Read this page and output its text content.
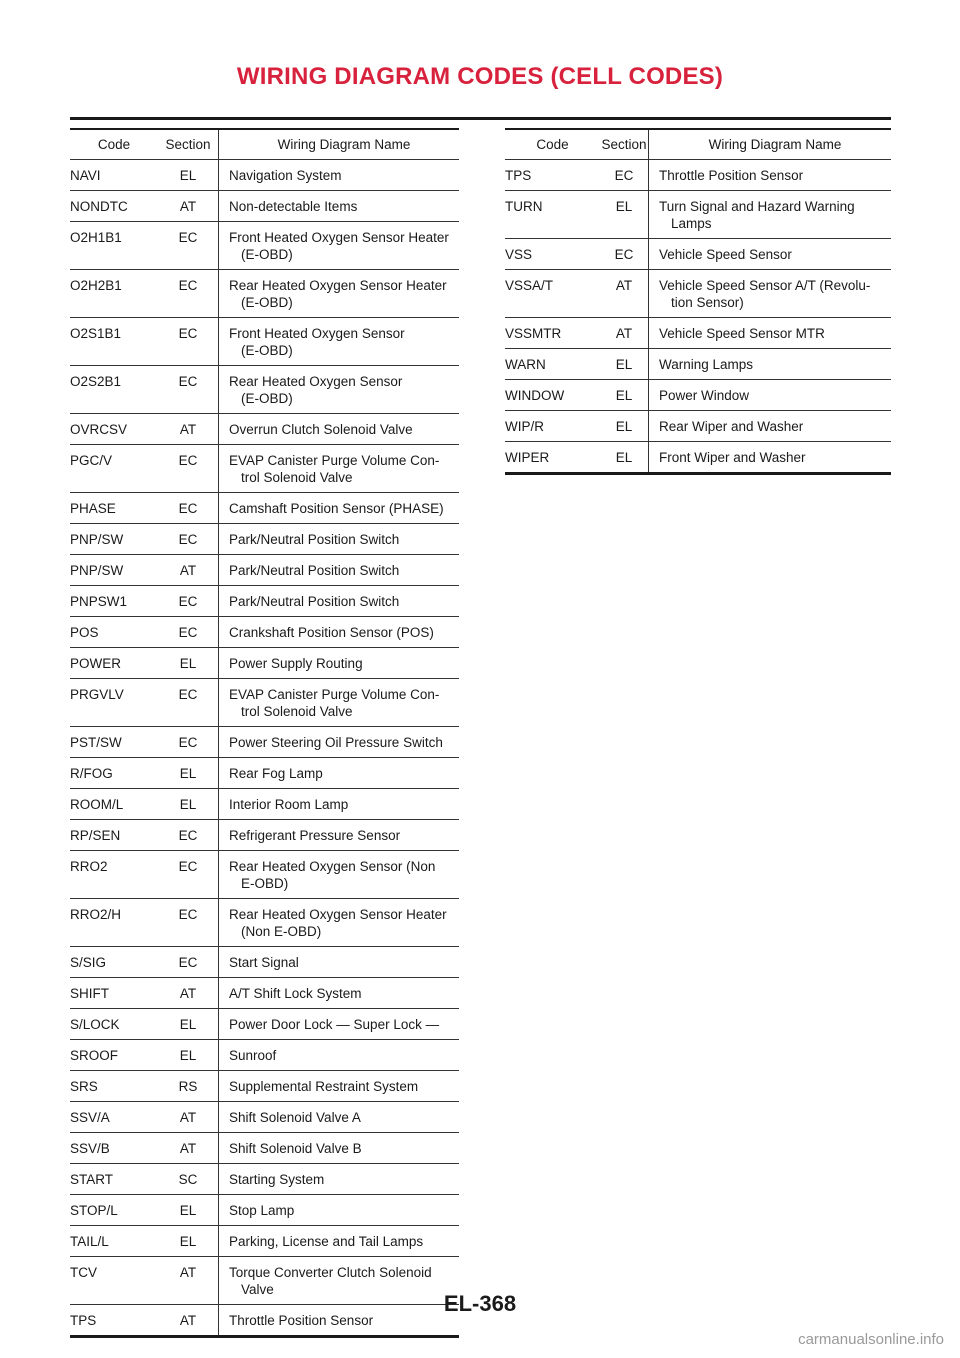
WIRING DIAGRAM CODES (CELL CODES)
Code	Section	Wiring Diagram Name
NAVI	EL	Navigation System

NONDTC	AT	Non-detectable Items

O2H1B1	EC	Front Heated Oxygen Sensor Heater
(E-OBD)

O2H2B1	EC	Rear Heated Oxygen Sensor Heater
(E-OBD)

O2S1B1	EC	Front Heated Oxygen Sensor
(E-OBD)

O2S2B1	EC	Rear Heated Oxygen Sensor
(E-OBD)

OVRCSV	AT	Overrun Clutch Solenoid Valve

PGC/V	EC	EVAP Canister Purge Volume Con-
trol Solenoid Valve

PHASE	EC	Camshaft Position Sensor (PHASE)

PNP/SW	EC	Park/Neutral Position Switch

PNP/SW	AT	Park/Neutral Position Switch

PNPSW1	EC	Park/Neutral Position Switch

POS	EC	Crankshaft Position Sensor (POS)

POWER	EL	Power Supply Routing

PRGVLV	EC	EVAP Canister Purge Volume Con-
trol Solenoid Valve

PST/SW	EC	Power Steering Oil Pressure Switch

R/FOG	EL	Rear Fog Lamp

ROOM/L	EL	Interior Room Lamp

RP/SEN	EC	Refrigerant Pressure Sensor

RRO2	EC	Rear Heated Oxygen Sensor (Non
E-OBD)

RRO2/H	EC	Rear Heated Oxygen Sensor Heater
(Non E-OBD)

S/SIG	EC	Start Signal

SHIFT	AT	A/T Shift Lock System

S/LOCK	EL	Power Door Lock — Super Lock —

SROOF	EL	Sunroof

SRS	RS	Supplemental Restraint System

SSV/A	AT	Shift Solenoid Valve A

SSV/B	AT	Shift Solenoid Valve B

START	SC	Starting System

STOP/L	EL	Stop Lamp

TAIL/L	EL	Parking, License and Tail Lamps

TCV	AT	Torque Converter Clutch Solenoid
Valve

TPS	AT	Throttle Position Sensor
Code	Section	Wiring Diagram Name
TPS	EC	Throttle Position Sensor

TURN	EL	Turn Signal and Hazard Warning
Lamps

VSS	EC	Vehicle Speed Sensor

VSSA/T	AT	Vehicle Speed Sensor A/T (Revolu-
tion Sensor)

VSSMTR	AT	Vehicle Speed Sensor MTR

WARN	EL	Warning Lamps

WINDOW	EL	Power Window

WIP/R	EL	Rear Wiper and Washer

WIPER	EL	Front Wiper and Washer
EL-368
carmanualsonline.info
